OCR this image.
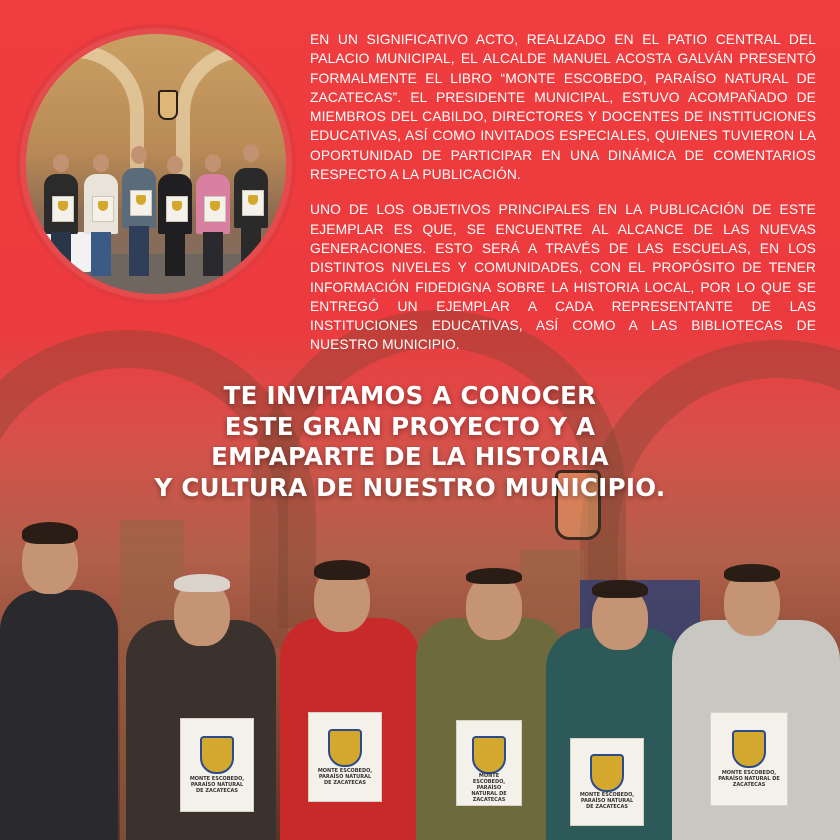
MONTE ESCOBEDO, PARAÍSO NATURAL DE ZACATECAS
MONTE ESCOBEDO, PARAÍSO NATURAL DE ZACATECAS
MONTE ESCOBEDO, PARAÍSO NATURAL DE ZACATECAS
MONTE ESCOBEDO, PARAÍSO NATURAL DE ZACATECAS
MONTE ESCOBEDO, PARAÍSO NATURAL DE ZACATECAS

EN UN SIGNIFICATIVO ACTO, REALIZADO EN EL PATIO CENTRAL DEL PALACIO MUNICIPAL, EL ALCALDE MANUEL ACOSTA GALVÁN PRESENTÓ FORMALMENTE EL LIBRO “MONTE ESCOBEDO, PARAÍSO NATURAL DE ZACATECAS”. EL PRESIDENTE MUNICIPAL, ESTUVO ACOMPAÑADO DE MIEMBROS DEL CABILDO, DIRECTORES Y DOCENTES DE INSTITUCIONES EDUCATIVAS, ASÍ COMO INVITADOS ESPECIALES, QUIENES TUVIERON LA OPORTUNIDAD DE PARTICIPAR EN UNA DINÁMICA DE COMENTARIOS RESPECTO A LA PUBLICACIÓN.

UNO DE LOS OBJETIVOS PRINCIPALES EN LA PUBLICACIÓN DE ESTE EJEMPLAR ES QUE, SE ENCUENTRE AL ALCANCE DE LAS NUEVAS GENERACIONES. ESTO SERÁ A TRAVÉS DE LAS ESCUELAS, EN LOS DISTINTOS NIVELES Y COMUNIDADES, CON EL PROPÓSITO DE TENER INFORMACIÓN FIDEDIGNA SOBRE LA HISTORIA LOCAL, POR LO QUE SE ENTREGÓ UN EJEMPLAR A CADA REPRESENTANTE DE LAS INSTITUCIONES EDUCATIVAS, ASÍ COMO A LAS BIBLIOTECAS DE NUESTRO MUNICIPIO.

TE INVITAMOS A CONOCER
ESTE GRAN PROYECTO Y A
EMPAPARTE DE LA HISTORIA
Y CULTURA DE NUESTRO MUNICIPIO.
